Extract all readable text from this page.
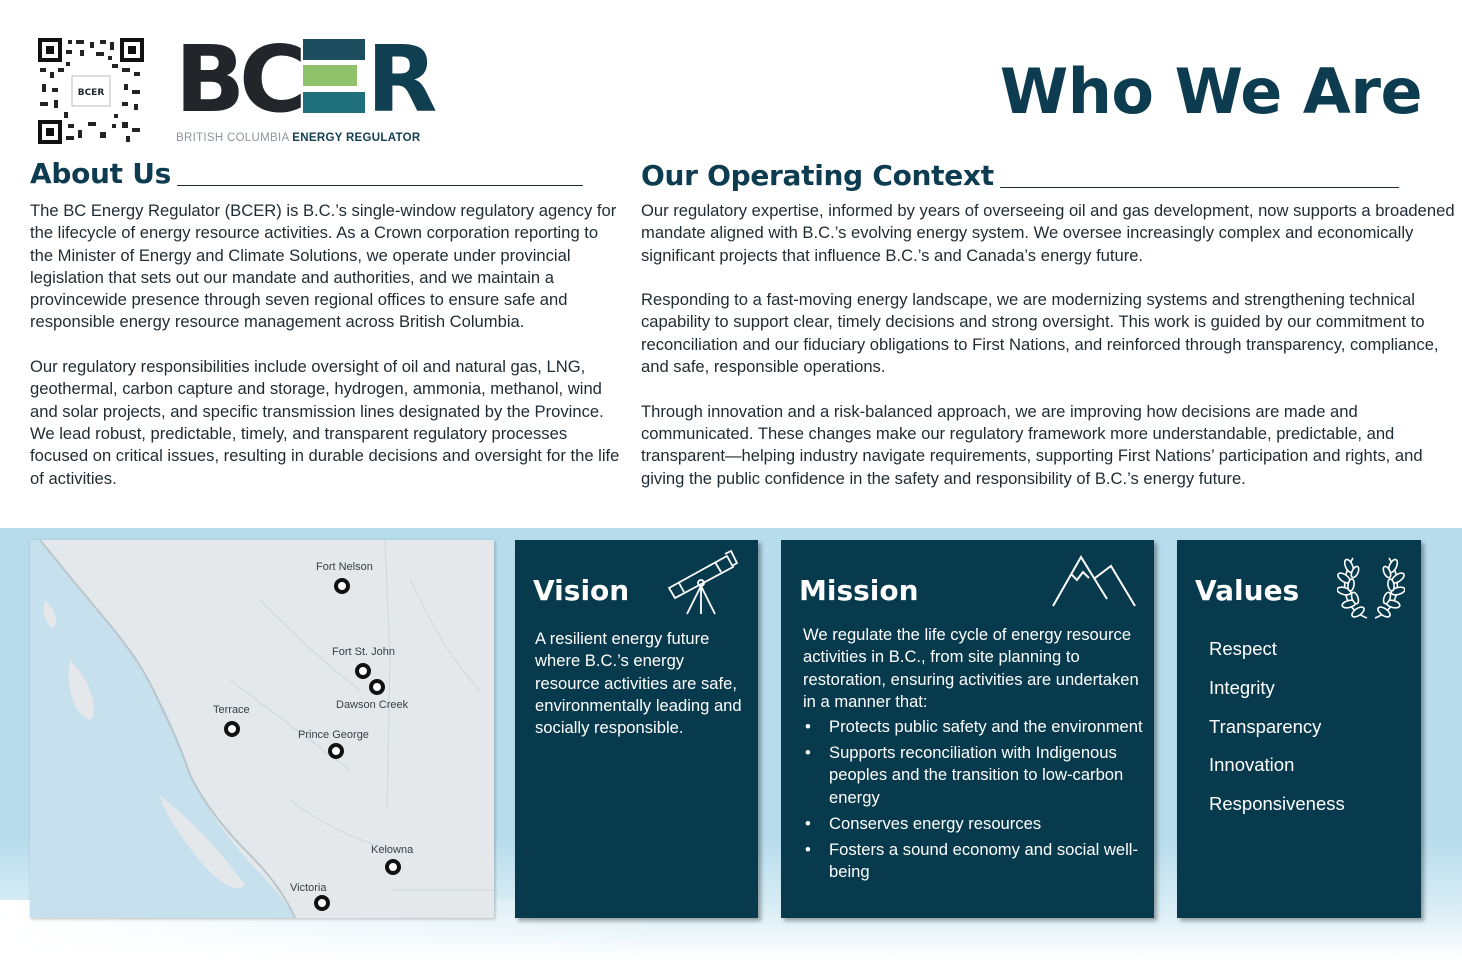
BCER BC R
BRITISH COLUMBIA ENERGY REGULATOR
Who We Are
About Us

The BC Energy Regulator (BCER) is B.C.’s single-window regulatory agency for the lifecycle of energy resource activities. As a Crown corporation reporting to the Minister of Energy and Climate Solutions, we operate under provincial legislation that sets out our mandate and authorities, and we maintain a provincewide presence through seven regional offices to ensure safe and responsible energy resource management across British Columbia.

Our regulatory responsibilities include oversight of oil and natural gas, LNG, geothermal, carbon capture and storage, hydrogen, ammonia, methanol, wind and solar projects, and specific transmission lines designated by the Province. We lead robust, predictable, timely, and transparent regulatory processes focused on critical issues, resulting in durable decisions and oversight for the life of activities.

Our Operating Context

Our regulatory expertise, informed by years of overseeing oil and gas development, now supports a broadened mandate aligned with B.C.’s evolving energy system. We oversee increasingly complex and economically significant projects that influence B.C.’s and Canada’s energy future.

Responding to a fast-moving energy landscape, we are modernizing systems and strengthening technical capability to support clear, timely decisions and strong oversight. This work is guided by our commitment to reconciliation and our fiduciary obligations to First Nations, and reinforced through transparency, compliance, and safe, responsible operations.

Through innovation and a risk-balanced approach, we are improving how decisions are made and communicated. These changes make our regulatory framework more understandable, predictable, and transparent—helping industry navigate requirements, supporting First Nations’ participation and rights, and giving the public confidence in the safety and responsibility of B.C.’s energy future.

Fort Nelson
Fort St. John
Dawson Creek
Terrace
Prince George
Kelowna
Victoria
Vision
A resilient energy future where B.C.’s energy resource activities are safe, environmentally leading and socially responsible.
Mission
We regulate the life cycle of energy resource activities in B.C., from site planning to restoration, ensuring activities are undertaken in a manner that:
• Protects public safety and the environment
• Supports reconciliation with Indigenous peoples and the transition to low-carbon energy
• Conserves energy resources
• Fosters a sound economy and social well-being
Values
Respect
Integrity
Transparency
Innovation
Responsiveness
